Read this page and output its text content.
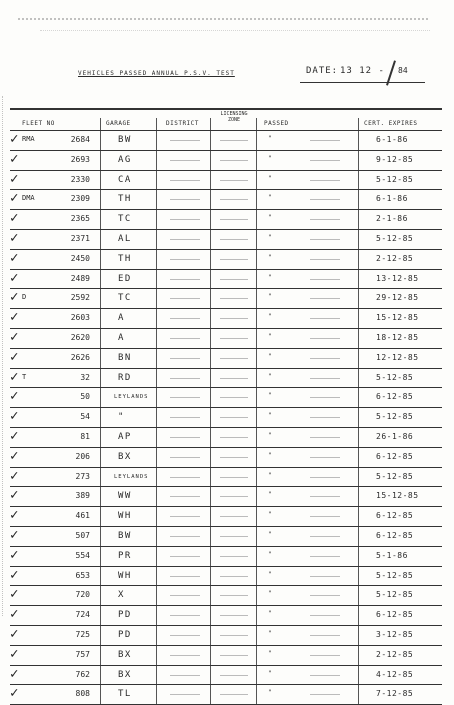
VEHICLES PASSED ANNUAL P.S.V. TEST	DATE: 13 12 - 84
FLEET NO	GARAGE	DISTRICT
LICENSING ZONE	PASSED	CERT. EXPIRES
✓ RMA	2684	BW	"	6-1-86
✓	2693	AG	"	9-12-85
✓	2330	CA	"	5-12-85
✓ DMA	2309	TH	"	6-1-86
✓	2365	TC	"	2-1-86
✓	2371	AL	"	5-12-85
✓	2450	TH	"	2-12-85
✓	2489	ED	"	13-12-85
✓ D	2592	TC	"	29-12-85
✓	2603	A	"	15-12-85
✓	2620	A	"	18-12-85
✓	2626	BN	"	12-12-85
✓ T	32	RD	"	5-12-85
✓	50	LEYLANDS	"	6-12-85
✓	54	"	"	5-12-85
✓	81	AP	"	26-1-86
✓	206	BX	"	6-12-85
✓	273	LEYLANDS	"	5-12-85
✓	389	WW	"	15-12-85
✓	461	WH	"	6-12-85
✓	507	BW	"	6-12-85
✓	554	PR	"	5-1-86
✓	653	WH	"	5-12-85
✓	720	X	"	5-12-85
✓	724	PD	"	6-12-85
✓	725	PD	"	3-12-85
✓	757	BX	"	2-12-85
✓	762	BX	"	4-12-85
✓	808	TL	"	7-12-85
